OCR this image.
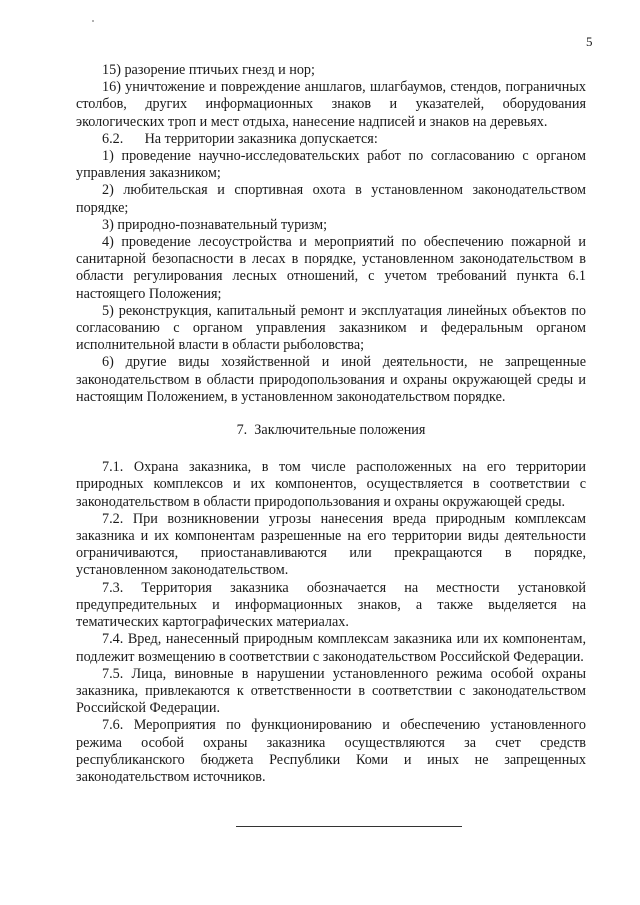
5

15) разорение птичьих гнезд и нор;

16) уничтожение и повреждение аншлагов, шлагбаумов, стендов, пограничных столбов, других информационных знаков и указателей, оборудования экологических троп и мест отдыха, нанесение надписей и знаков на деревьях.

6.2.      На территории заказника допускается:

1) проведение научно-исследовательских работ по согласованию с органом управления заказником;

2) любительская и спортивная охота в установленном законодательством порядке;

3) природно-познавательный туризм;

4) проведение лесоустройства и мероприятий по обеспечению пожарной и санитарной безопасности в лесах в порядке, установленном законодательством в области регулирования лесных отношений, с учетом требований пункта 6.1 настоящего Положения;

5) реконструкция, капитальный ремонт и эксплуатация линейных объектов по согласованию с органом управления заказником и федеральным органом исполнительной власти в области рыболовства;

6) другие виды хозяйственной и иной деятельности, не запрещенные законодательством в области природопользования и охраны окружающей среды и настоящим Положением, в установленном законодательством порядке.

7.  Заключительные положения

7.1. Охрана заказника, в том числе расположенных на его территории природных комплексов и их компонентов, осуществляется в соответствии с законодательством в области природопользования и охраны окружающей среды.

7.2. При возникновении угрозы нанесения вреда природным комплексам заказника и их компонентам разрешенные на его территории виды деятельности ограничиваются, приостанавливаются или прекращаются в порядке, установленном законодательством.

7.3. Территория заказника обозначается на местности установкой предупредительных и информационных знаков, а также выделяется на тематических картографических материалах.

7.4. Вред, нанесенный природным комплексам заказника или их компонентам, подлежит возмещению в соответствии с законодательством Российской Федерации.

7.5. Лица, виновные в нарушении установленного режима особой охраны заказника, привлекаются к ответственности в соответствии с законодательством Российской Федерации.

7.6. Мероприятия по функционированию и обеспечению установленного режима особой охраны заказника осуществляются за счет средств республиканского бюджета Республики Коми и иных не запрещенных законодательством источников.
